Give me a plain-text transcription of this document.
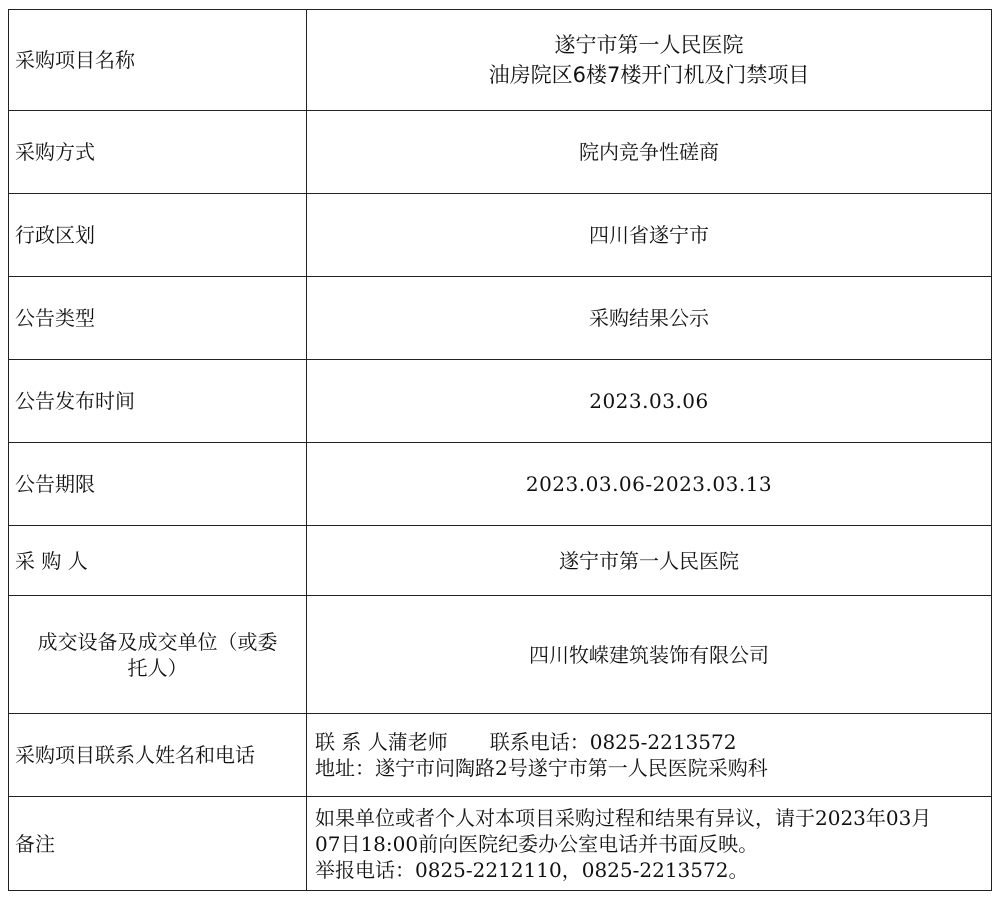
采购项目名称	遂宁市第一人民医院
油房院区6楼7楼开门机及门禁项目

采购方式	院内竞争性磋商
行政区划	四川省遂宁市
公告类型	采购结果公示
公告发布时间	2023.03.06
公告期限	2023.03.06-2023.03.13
采 购 人	遂宁市第一人民医院

成交设备及成交单位（或委
托人）	四川牧嵘建筑装饰有限公司
采购项目联系人姓名和电话	联 系 人蒲老师 联系电话：0825-2213572
地址：遂宁市问陶路2号遂宁市第一人民医院采购科

备注	如果单位或者个人对本项目采购过程和结果有异议，请于2023年03月
07日18:00前向医院纪委办公室电话并书面反映。
举报电话：0825-2212110，0825-2213572。
